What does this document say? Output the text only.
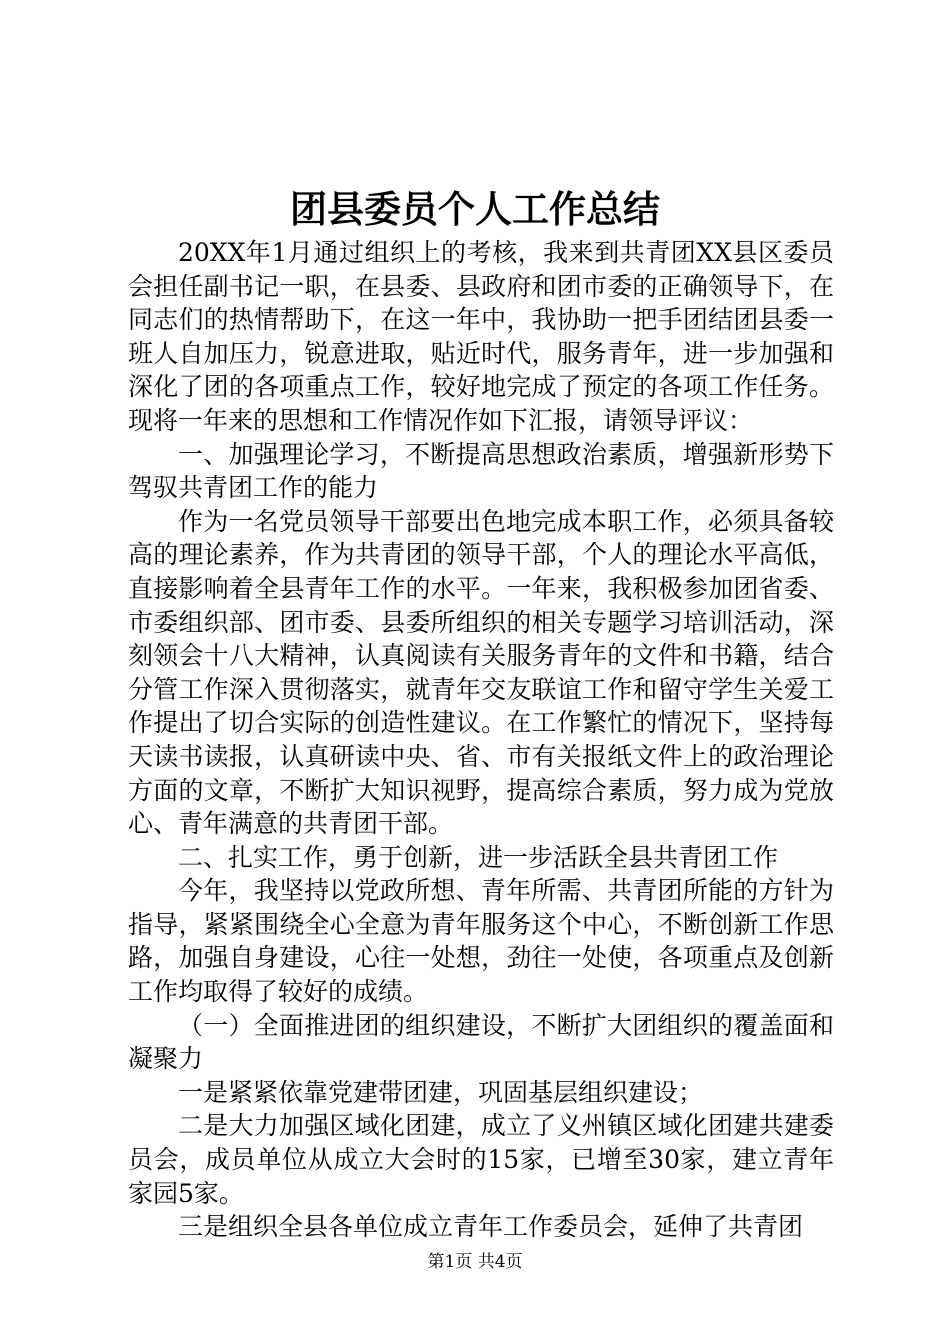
团县委员个人工作总结

20XX年1月通过组织上的考核，我来到共青团XX县区委员会担任副书记一职，在县委、县政府和团市委的正确领导下，在同志们的热情帮助下，在这一年中，我协助一把手团结团县委一班人自加压力，锐意进取，贴近时代，服务青年，进一步加强和深化了团的各项重点工作，较好地完成了预定的各项工作任务。现将一年来的思想和工作情况作如下汇报，请领导评议：

一、加强理论学习，不断提高思想政治素质，增强新形势下驾驭共青团工作的能力

作为一名党员领导干部要出色地完成本职工作，必须具备较高的理论素养，作为共青团的领导干部，个人的理论水平高低，直接影响着全县青年工作的水平。一年来，我积极参加团省委、市委组织部、团市委、县委所组织的相关专题学习培训活动，深刻领会十八大精神，认真阅读有关服务青年的文件和书籍，结合分管工作深入贯彻落实，就青年交友联谊工作和留守学生关爱工作提出了切合实际的创造性建议。在工作繁忙的情况下，坚持每天读书读报，认真研读中央、省、市有关报纸文件上的政治理论方面的文章，不断扩大知识视野，提高综合素质，努力成为党放心、青年满意的共青团干部。

二、扎实工作，勇于创新，进一步活跃全县共青团工作

今年，我坚持以党政所想、青年所需、共青团所能的方针为指导，紧紧围绕全心全意为青年服务这个中心，不断创新工作思路，加强自身建设，心往一处想，劲往一处使，各项重点及创新工作均取得了较好的成绩。

（一）全面推进团的组织建设，不断扩大团组织的覆盖面和凝聚力

一是紧紧依靠党建带团建，巩固基层组织建设；

二是大力加强区域化团建，成立了义州镇区域化团建共建委员会，成员单位从成立大会时的15家，已增至30家，建立青年家园5家。

三是组织全县各单位成立青年工作委员会，延伸了共青团

第1页 共4页
